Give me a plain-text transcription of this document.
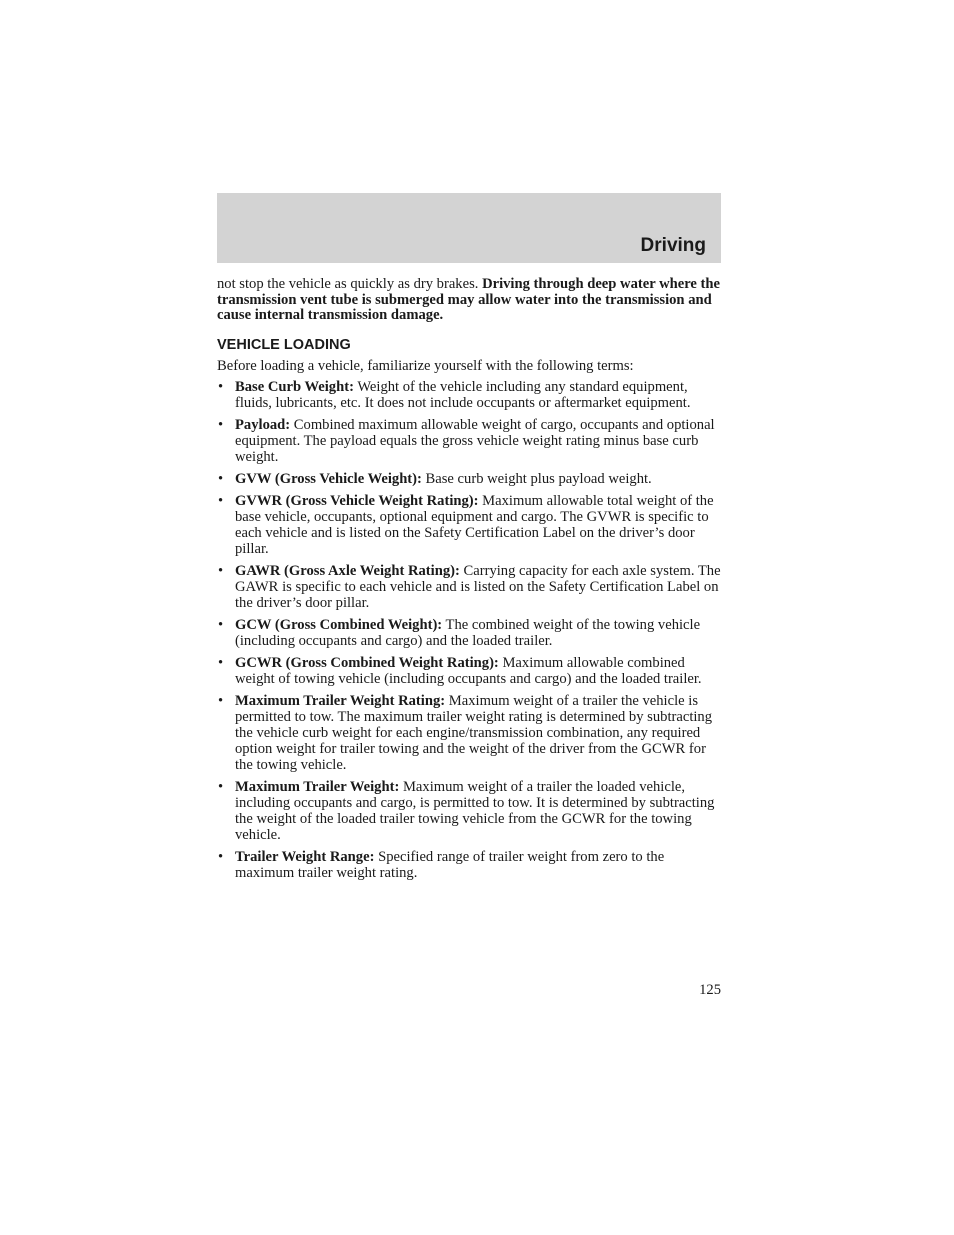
Driving

not stop the vehicle as quickly as dry brakes. Driving through deep water where the transmission vent tube is submerged may allow water into the transmission and cause internal transmission damage.

VEHICLE LOADING

Before loading a vehicle, familiarize yourself with the following terms:

• Base Curb Weight: Weight of the vehicle including any standard equipment, fluids, lubricants, etc. It does not include occupants or aftermarket equipment.
• Payload: Combined maximum allowable weight of cargo, occupants and optional equipment. The payload equals the gross vehicle weight rating minus base curb weight.
• GVW (Gross Vehicle Weight): Base curb weight plus payload weight.
• GVWR (Gross Vehicle Weight Rating): Maximum allowable total weight of the base vehicle, occupants, optional equipment and cargo. The GVWR is specific to each vehicle and is listed on the Safety Certification Label on the driver’s door pillar.
• GAWR (Gross Axle Weight Rating): Carrying capacity for each axle system. The GAWR is specific to each vehicle and is listed on the Safety Certification Label on the driver’s door pillar.
• GCW (Gross Combined Weight): The combined weight of the towing vehicle (including occupants and cargo) and the loaded trailer.
• GCWR (Gross Combined Weight Rating): Maximum allowable combined weight of towing vehicle (including occupants and cargo) and the loaded trailer.
• Maximum Trailer Weight Rating: Maximum weight of a trailer the vehicle is permitted to tow. The maximum trailer weight rating is determined by subtracting the vehicle curb weight for each engine/transmission combination, any required option weight for trailer towing and the weight of the driver from the GCWR for the towing vehicle.
• Maximum Trailer Weight: Maximum weight of a trailer the loaded vehicle, including occupants and cargo, is permitted to tow. It is determined by subtracting the weight of the loaded trailer towing vehicle from the GCWR for the towing vehicle.
• Trailer Weight Range: Specified range of trailer weight from zero to the maximum trailer weight rating.
125
